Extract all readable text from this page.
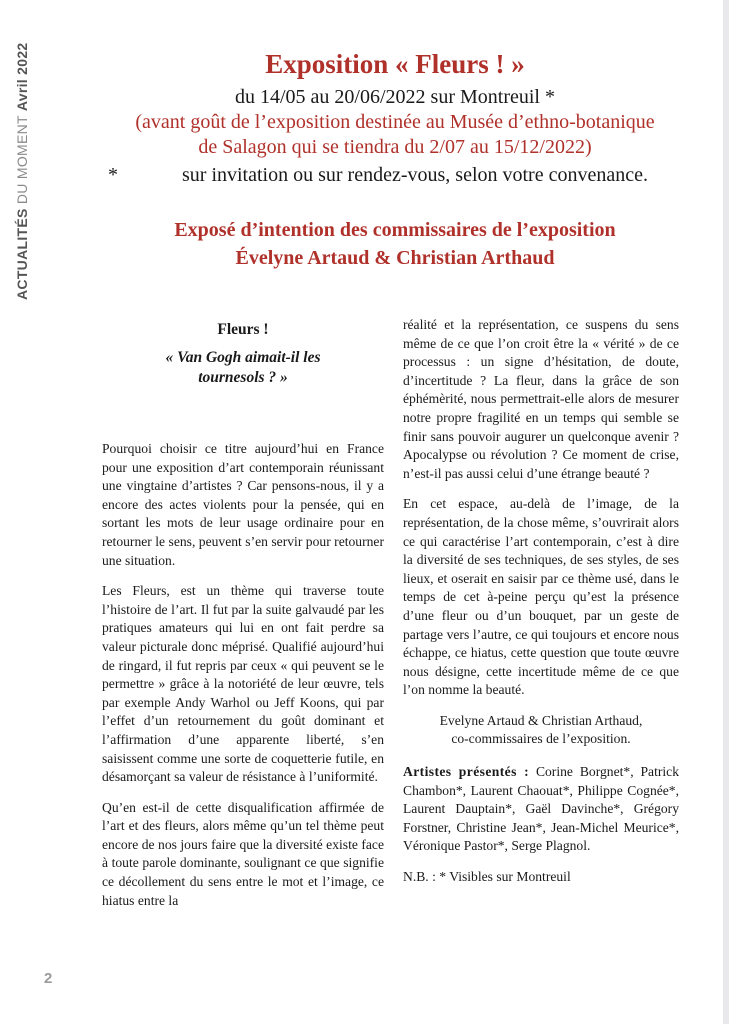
ACTUALITÉS DU MOMENT Avril 2022	Exposition « Fleurs ! »
du 14/05 au 20/06/2022 sur Montreuil *
(avant goût de l’exposition destinée au Musée d’ethno-botanique
de Salagon qui se tiendra du 2/07 au 15/12/2022)
*	sur invitation ou sur rendez-vous, selon votre convenance.
Exposé d’intention des commissaires de l’exposition
Évelyne Artaud & Christian Arthaud
Fleurs !
« Van Gogh aimait-il les tournesols ? »

Pourquoi choisir ce titre aujourd’hui en France pour une exposition d’art contemporain réunissant une vingtaine d’artistes ? Car pensons-nous, il y a encore des actes violents pour la pensée, qui en sortant les mots de leur usage ordinaire pour en retourner le sens, peuvent s’en servir pour retourner une situation.

Les Fleurs, est un thème qui traverse toute l’histoire de l’art. Il fut par la suite galvaudé par les pratiques amateurs qui lui en ont fait perdre sa valeur picturale donc méprisé. Qualifié aujourd’hui de ringard, il fut repris par ceux « qui peuvent se le permettre » grâce à la notoriété de leur œuvre, tels par exemple Andy Warhol ou Jeff Koons, qui par l’effet d’un retournement du goût dominant et l’affirmation d’une apparente liberté, s’en saisissent comme une sorte de coquetterie futile, en désamorçant sa valeur de résistance à l’uniformité.

Qu’en est-il de cette disqualification affirmée de l’art et des fleurs, alors même qu’un tel thème peut encore de nos jours faire que la diversité existe face à toute parole dominante, soulignant ce que signifie ce décollement du sens entre le mot et l’image, ce hiatus entre la

réalité et la représentation, ce suspens du sens même de ce que l’on croit être la « vérité » de ce processus : un signe d’hésitation, de doute, d’incertitude ? La fleur, dans la grâce de son éphémèrité, nous permettrait-elle alors de mesurer notre propre fragilité en un temps qui semble se finir sans pouvoir augurer un quelconque avenir ? Apocalypse ou révolution ? Ce moment de crise, n’est-il pas aussi celui d’une étrange beauté ?

En cet espace, au-delà de l’image, de la représentation, de la chose même, s’ouvrirait alors ce qui caractérise l’art contemporain, c’est à dire la diversité de ses techniques, de ses styles, de ses lieux, et oserait en saisir par ce thème usé, dans le temps de cet à-peine perçu qu’est la présence d’une fleur ou d’un bouquet, par un geste de partage vers l’autre, ce qui toujours et encore nous échappe, ce hiatus, cette question que toute œuvre nous désigne, cette incertitude même de ce que l’on nomme la beauté.

Evelyne Artaud & Christian Arthaud,
co-commissaires de l’exposition.

Artistes présentés : Corine Borgnet*, Patrick Chambon*, Laurent Chaouat*, Philippe Cognée*, Laurent Dauptain*, Gaël Davinche*, Grégory Forstner, Christine Jean*, Jean-Michel Meurice*, Véronique Pastor*, Serge Plagnol.

N.B. : * Visibles sur Montreuil

2
